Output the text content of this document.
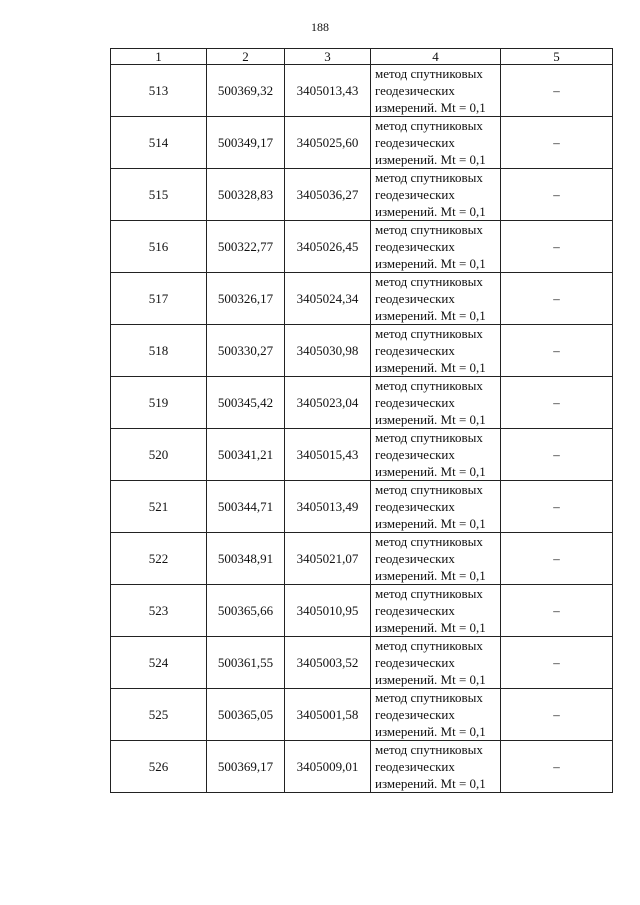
188
1	2	3	4	5
513	500369,32	3405013,43	метод спутниковых
геодезических
измерений. Mt = 0,1	–
514	500349,17	3405025,60	метод спутниковых
геодезических
измерений. Mt = 0,1	–
515	500328,83	3405036,27	метод спутниковых
геодезических
измерений. Mt = 0,1	–
516	500322,77	3405026,45	метод спутниковых
геодезических
измерений. Mt = 0,1	–
517	500326,17	3405024,34	метод спутниковых
геодезических
измерений. Mt = 0,1	–
518	500330,27	3405030,98	метод спутниковых
геодезических
измерений. Mt = 0,1	–
519	500345,42	3405023,04	метод спутниковых
геодезических
измерений. Mt = 0,1	–
520	500341,21	3405015,43	метод спутниковых
геодезических
измерений. Mt = 0,1	–
521	500344,71	3405013,49	метод спутниковых
геодезических
измерений. Mt = 0,1	–
522	500348,91	3405021,07	метод спутниковых
геодезических
измерений. Mt = 0,1	–
523	500365,66	3405010,95	метод спутниковых
геодезических
измерений. Mt = 0,1	–
524	500361,55	3405003,52	метод спутниковых
геодезических
измерений. Mt = 0,1	–
525	500365,05	3405001,58	метод спутниковых
геодезических
измерений. Mt = 0,1	–
526	500369,17	3405009,01	метод спутниковых
геодезических
измерений. Mt = 0,1	–
